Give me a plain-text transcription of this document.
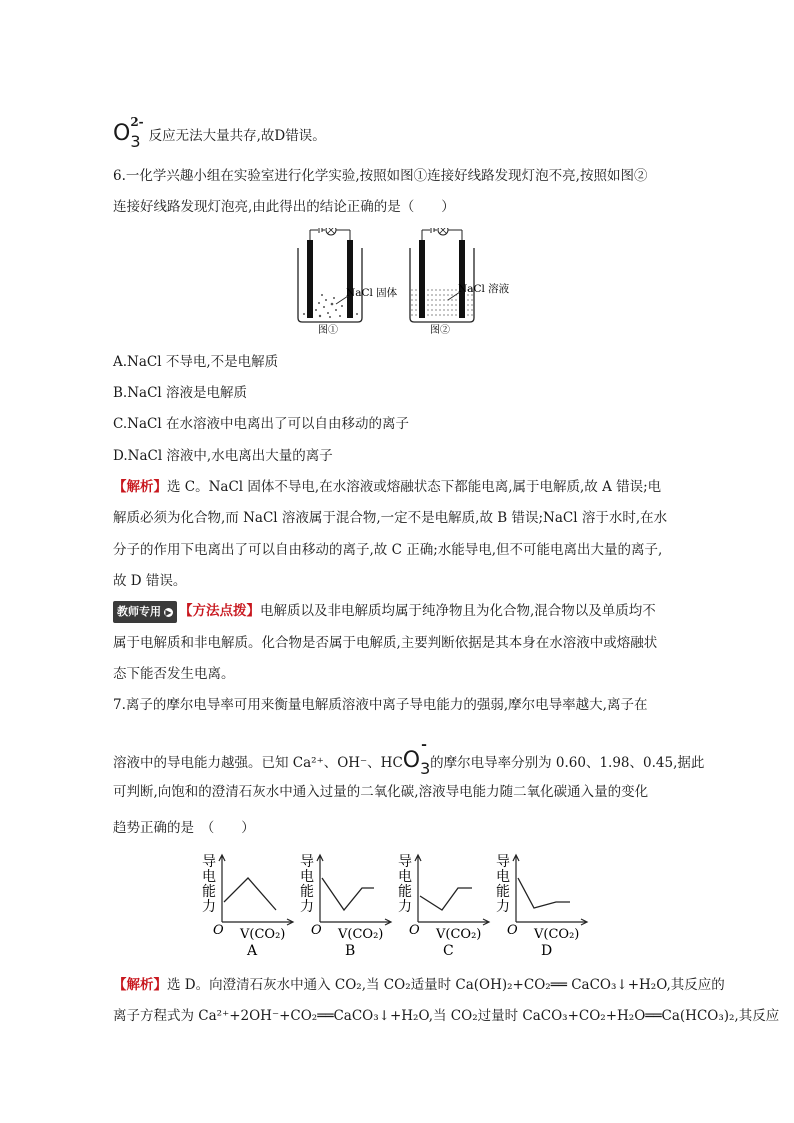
O 2-
3 反应无法大量共存,故D错误。
6.一化学兴趣小组在实验室进行化学实验,按照如图①连接好线路发现灯泡不亮,按照如图②
连接好线路发现灯泡亮,由此得出的结论正确的是（　　）
NaCl 固体
图①
NaCl 溶液
图②
A.NaCl 不导电,不是电解质
B.NaCl 溶液是电解质
C.NaCl 在水溶液中电离出了可以自由移动的离子
D.NaCl 溶液中,水电离出大量的离子
【解析】选 C。NaCl 固体不导电,在水溶液或熔融状态下都能电离,属于电解质,故 A 错误;电
解质必须为化合物,而 NaCl 溶液属于混合物,一定不是电解质,故 B 错误;NaCl 溶于水时,在水
分子的作用下电离出了可以自由移动的离子,故 C 正确;水能导电,但不可能电离出大量的离子,
故 D 错误。
教师专用 ▶ 【方法点拨】电解质以及非电解质均属于纯净物且为化合物,混合物以及单质均不
属于电解质和非电解质。化合物是否属于电解质,主要判断依据是其本身在水溶液中或熔融状
态下能否发生电离。
7.离子的摩尔电导率可用来衡量电解质溶液中离子导电能力的强弱,摩尔电导率越大,离子在
溶液中的导电能力越强。已知 Ca²⁺、OH⁻、HCO
-
3 的摩尔电导率分别为 0.60、1.98、0.45,据此
可判断,向饱和的澄清石灰水中通入过量的二氧化碳,溶液导电能力随二氧化碳通入量的变化
趋势正确的是　（　　）
导
电
能
力
O V(CO₂)
A
导
电
能
力
O V(CO₂)
B
导
电
能
力
O V(CO₂)
C
导
电
能
力
O V(CO₂)
D
【解析】选 D。向澄清石灰水中通入 CO₂,当 CO₂适量时 Ca(OH)₂+CO₂══ CaCO₃↓+H₂O,其反应的
离子方程式为 Ca²⁺+2OH⁻+CO₂══CaCO₃↓+H₂O,当 CO₂过量时 CaCO₃+CO₂+H₂O══Ca(HCO₃)₂,其反应
